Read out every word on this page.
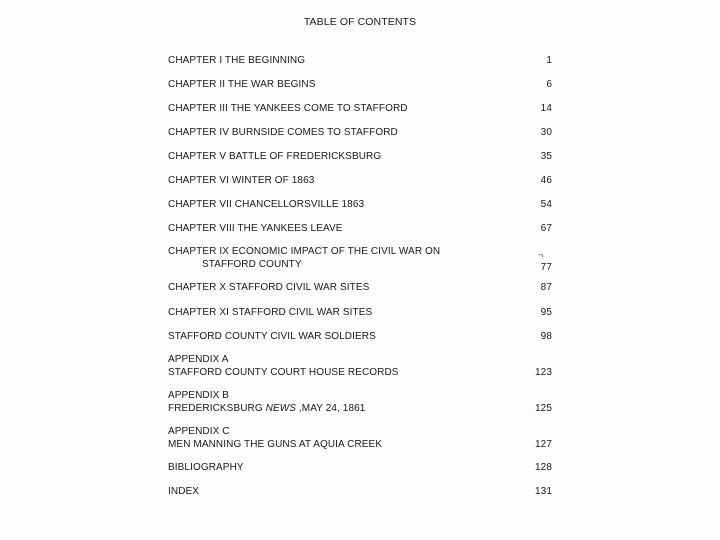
TABLE OF CONTENTS
CHAPTER I THE BEGINNING	1
CHAPTER II THE WAR BEGINS	6
CHAPTER III THE YANKEES COME TO STAFFORD	14
CHAPTER IV BURNSIDE COMES TO STAFFORD	30
CHAPTER V BATTLE OF FREDERICKSBURG	35
CHAPTER VI WINTER OF 1863	46
CHAPTER VII CHANCELLORSVILLE 1863	54
CHAPTER VIII THE YANKEES LEAVE	67
CHAPTER IX ECONOMIC IMPACT OF THE CIVIL WAR ON
STAFFORD COUNTY	77
¬
CHAPTER X STAFFORD CIVIL WAR SITES	87
CHAPTER XI STAFFORD CIVIL WAR SITES	95
STAFFORD COUNTY CIVIL WAR SOLDIERS	98
APPENDIX A
STAFFORD COUNTY COURT HOUSE RECORDS	123
APPENDIX B
FREDERICKSBURG NEWS ,MAY 24, 1861	125
APPENDIX C
MEN MANNING THE GUNS AT AQUIA CREEK	127
BIBLIOGRAPHY	128
INDEX	131
